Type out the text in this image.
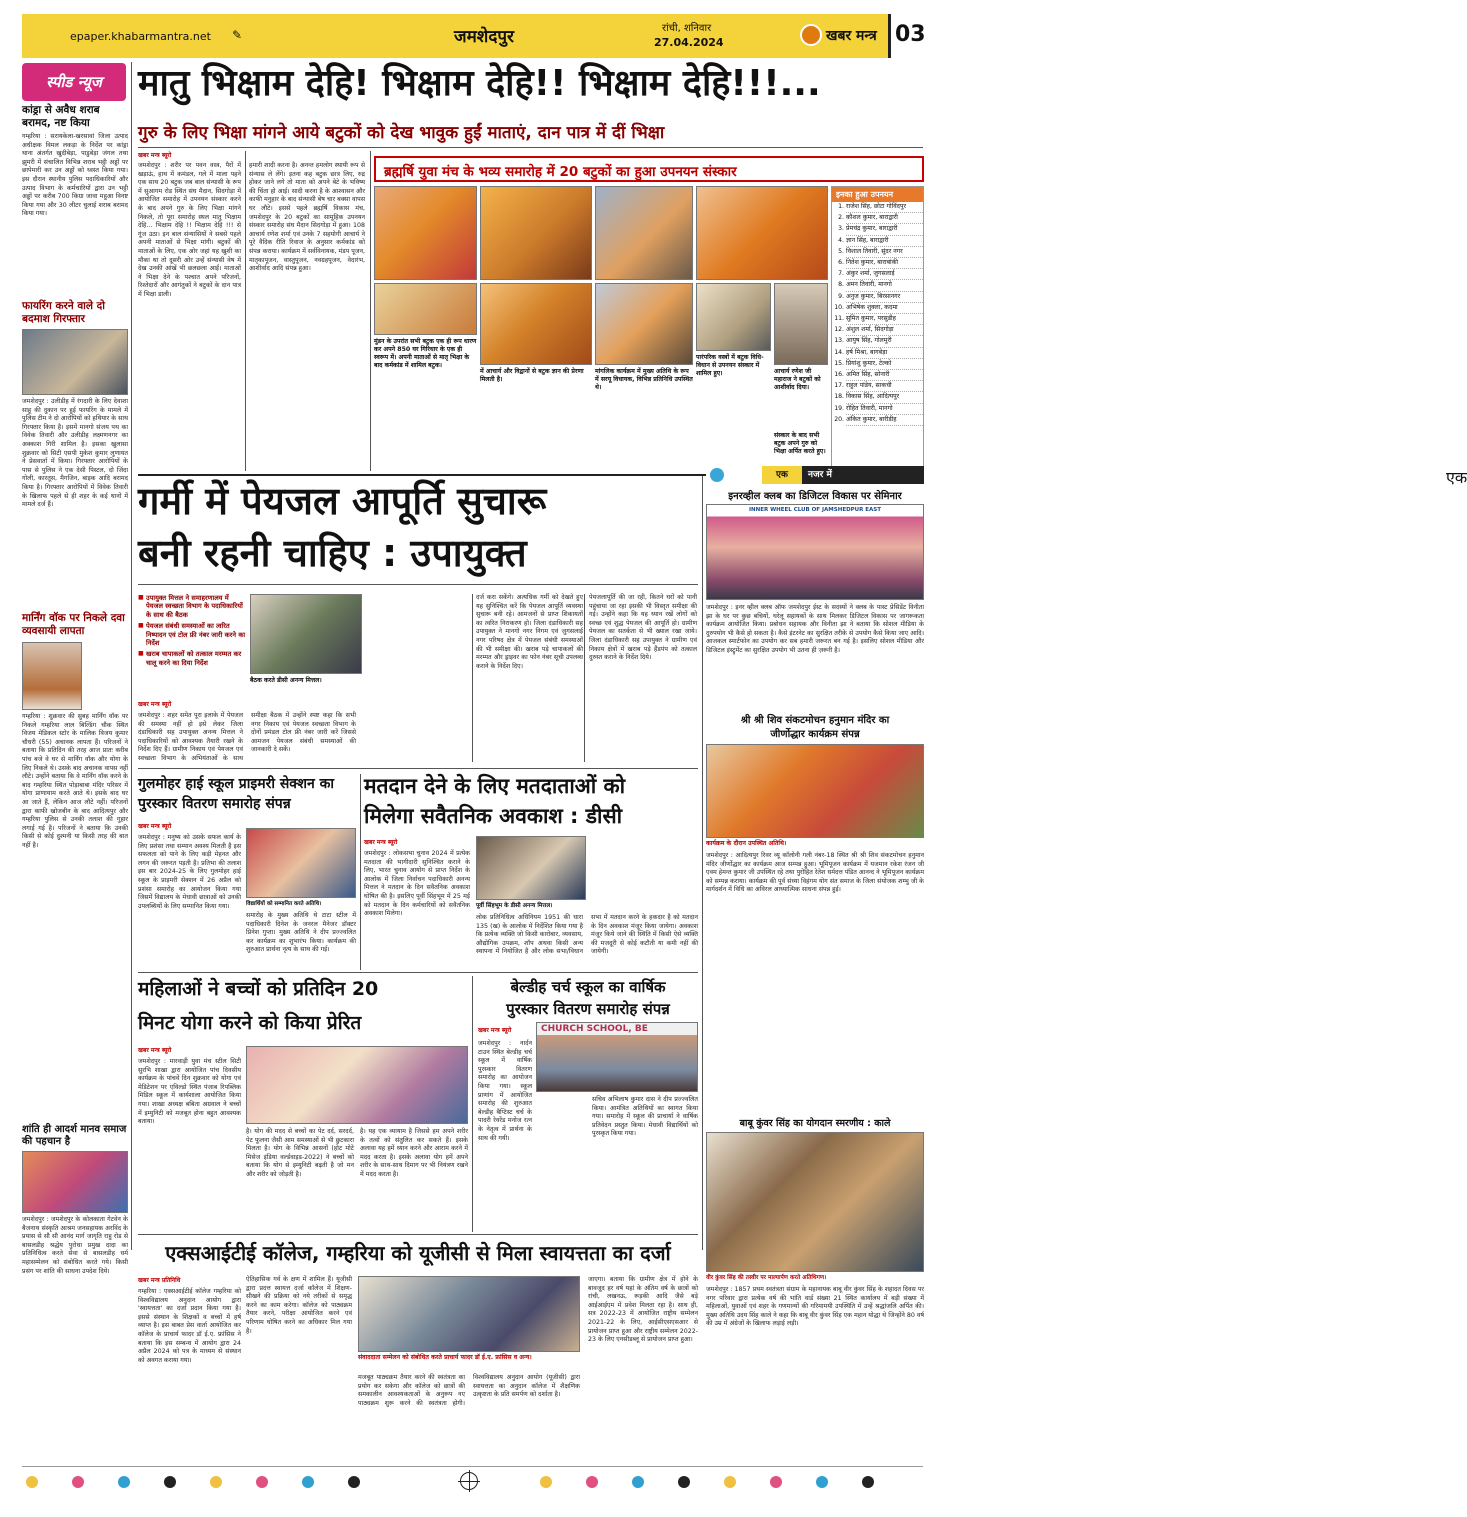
epaper.khabarmantra.net ✎	जमशेदपुर	रांची, शनिवार
27.04.2024	खबर मन्त्र 03
स्पीड न्यूज
कांड्रा से अवैध शराब बरामद, नष्ट किया
गम्हरिया : सरायकेला-खरसावां जिला उत्पाद अधीक्षक विमल लकड़ा के निर्देश पर कांड्रा थाना अंतर्गत खुदीबेड़ा, पाडुबेड़ा जंगल तथा झुमरी में संचालित विभिन्न शराब भट्ठी अड्डों पर छापेमारी कर उन अड्डों को ध्वस्त किया गया। इस दौरान स्थानीय पुलिस पदाधिकारियों और उत्पाद विभाग के कर्मचारियों द्वारा उन भट्ठी अड्डों पर करीब 700 किग्रा जावा महुआ विनष्ट किया गया और 30 लीटर चुलाई शराब बरामद किया गया।
फायरिंग करने वाले दो बदमाश गिरफ्तार
जमशेदपुर : उलीडीह में रंगदारी के लिए देवाशा साहू की दुकान पर हुई फायरिंग के मामले में पुलिस टीम ने दो आरोपियों को हथियार के साथ गिरफ्तार किया है। इसमें मानगो संजय पथ का विवेक तिवारी और उलीडीह लक्ष्मणनगर का अक्काश गिरी शामिल है। इसका खुलासा शुक्रवार को सिटी एसपी मुकेश कुमार लुणायत ने प्रेसवार्ता में किया। गिरफ्तार आरोपियों के पास से पुलिस ने एक देसी पिस्टल, दो जिंदा गोली, कारतूस, मैगजिन, बाइक आदि बरामद किया है। गिरफ्तार आरोपियों में विवेक तिवारी के खिलाफ पहले से ही शहर के कई थानों में मामले दर्ज हैं।
मार्निंग वॉक पर निकले दवा व्यवसायी लापता
गम्हरिया : शुक्रवार की सुबह मार्निंग वॉक पर निकले गम्हरिया लाल बिल्डिंग चौक स्थित विजय मेडिकल स्टोर के मालिक विजय कुमार चौधरी (55) अचानक लापता हैं। परिजनों ने बताया कि प्रतिदिन की तरह आज प्रातः करीब पांच बजे वे घर से मार्निंग वॉक और योगा के लिए निकले थे। उसके बाद अचानक वापस नहीं लौटे। उन्होंने बताया कि वे मार्निंग वॉक करने के बाद गम्हरिया स्थित पोड़ाबाबा मंदिर परिसर में योगा प्राणायाम करते आते थे। इसके बाद घर आ जाते हैं, लेकिन आज लौटे नहीं। परिजनों द्वारा काफी खोजबीन के बाद आदित्यपुर और गम्हरिया पुलिस से उनकी तलाश की गुहार लगाई गई है। परिजनों ने बताया कि उनकी किसी से कोई दुश्मनी या किसी तरह की बात नहीं है।
शांति ही आदर्श मानव समाज की पहचान है
जमशेदपुर : जमशेदपुर के कोलकाता गेटवेन के बैजनाथ संस्कृति आश्रम जनसहायक अरविंद के प्रयास से सौ सौ आनंद मार्ग जागृति राहु रोड से बासलडीह श्रद्धेय पुरोधा प्रमुख दादा का प्रतिनिधित्व करते सेवा से बासलडीह धर्म महासम्मेलन को संबोधित करते गये। किसी प्रसंग पर शांति की साधना उपदेश दिये।
मातु भिक्षाम देहि! भिक्षाम देहि!! भिक्षाम देहि!!!...
गुरु के लिए भिक्षा मांगने आये बटुकों को देख भावुक हुईं माताएं, दान पात्र में दीं भिक्षा
खबर मन्त्र ब्यूरो
जमशेदपुर : शरीर पर पवन वस्त्र, पैरों में खड़ाऊं, हाथ में कमंडल, गले में माला पहने एक साथ 20 बटुक जब बाल संन्यासी के रूप में सुआगम रोड स्थित संघ मैदान, सिदगोड़ा में आयोजित समारोह में उपनयन संस्कार करने के बाद अपने गुरु के लिए भिक्षा मांगने निकले, तो पूरा समारोह स्थल मातु भिक्षाम देहि... भिक्षाम देहि !! भिक्षाम देहि !!! से गूंज उठा। इन बाल संन्यासियों ने सबसे पहले अपनी माताओं से भिक्षा मांगी। बटुकों की माताओं के लिए, एक ओर जहां यह खुशी का मौका था तो दूसरी ओर उन्हें संन्यासी वेष में देख उनकी आंखें भी छलछला आईं। माताओं ने भिक्षा देने के पश्चात अपने परिजनों, रिश्तेदारों और आगंतुकों ने बटुकों के दान पात्र में भिक्षा डाली।
हमारी शादी करना है। अनन्त हमलोग स्थायी रूप से संन्यास ले लेंगे। इतना कह बटुक छात्र लिए, रुद्र होकर जाने लगे तो माता को अपने बेटे के भविष्य की चिंता हो आई। सादी करना है के आश्वासन और काफी मनुहार के बाद संन्यासी बेष चार बक्सा वापस घर लौटे। इससे पहले ब्रह्मर्षि विकास मंच, जमशेदपुर के 20 बटुकों का सामूहिक उपनयन संस्कार समारोह संघ मैदान सिदगोड़ा में हुआ। 108 आचार्य रणेश शर्मा एवं उनके 7 सहयोगी आचार्य ने पूरे वैदिक रीति रिवाज के अनुसार कर्मकांड को संपन्न कराया। कार्यक्रम में सर्वविनायक, मंडप पूजन, मातृकापूजन, वास्तुपूजन, नवग्रहपूजन, वेदारंभ, आशीर्वाद आदि संपन्न हुआ।
ब्रह्मर्षि युवा मंच के भव्य समारोह में 20 बटुकों का हुआ उपनयन संस्कार
मुंडन के उपरांत सभी बटुक एक ही रूप धारण कर अपने 850 घर गिरिधार के एक ही स्वरूप में। अपनी माताओं से मातृ भिक्षा के बाद कर्मकांड में शामिल बटुक।
में आचार्य और विद्वानों से बटुक ज्ञान की प्रेरणा मिलती है।
मांगलिक कार्यक्रम में मुख्य अतिथि के रूप में सरयू विधायक, विभिन्न प्रतिनिधि उपस्थित थे।
पारंपरिक वस्त्रों में बटुक विधि-विधान से उपनयन संस्कार में शामिल हुए।	आचार्य रणेश जी महाराज ने बटुकों को आशीर्वाद दिया।
संस्कार के बाद सभी बटुक अपने गुरु को भिक्षा अर्पित करते हुए।
इनका हुआ उपनयन
1. राजेश सिंह, छोटा गोविंदपुर
2. कौशल कुमार, बाराद्वारी
3. प्रेमचंद्र कुमार, बाराद्वारी
4. ज्ञान सिंह, बाराद्वारी
5. विशाल तिवारी, सुंदर नगर
6. नितेश कुमार, बाराबांकी
7. अंकुर शर्मा, जुगसलाई
8. अमन तिवारी, मानगो
9. अनुज कुमार, बिरसानगर
10. अभिषेक शुक्ला, कदमा
11. सुमित कुमार, परसुडीह
12. अंशुल शर्मा, सिदगोड़ा
13. आयुष सिंह, गोलमुरी
14. हर्ष मिश्रा, बागबेड़ा
15. प्रियांशु कुमार, टेल्को
16. अमित सिंह, सोनारी
17. राहुल पांडेय, साकची
18. विकास सिंह, आदित्यपुर
19. रोहित तिवारी, मानगो
20. अंकित कुमार, बारीडीह
गर्मी में पेयजल आपूर्ति सुचारू
बनी रहनी चाहिए : उपायुक्त
■ उपायुक्त मित्तल ने समाहरणालय में पेयजल स्वच्छता विभाग के पदाधिकारियों के साथ की बैठक
■ पेयजल संबंधी समस्याओं का त्वरित निष्पादन एवं टोल फ्री नंबर जारी करने का निर्देश
■ खराब चापाकलों को तत्काल मरम्मत कर चालू करने का दिया निर्देश
बैठक करते डीसी अनन्य मित्तल।
खबर मन्त्र ब्यूरो
जमशेदपुर : शहर समेत पूरा इलाके में पेयजल की समस्या नहीं हो इसे लेकर जिला दंडाधिकारी सह उपायुक्त अनन्य मित्तल ने पदाधिकारियों को आवश्यक तैयारी रखने के निर्देश दिए हैं। ग्रामीण निकाय एवं पेयजल एवं स्वच्छता विभाग के अभियंताओं के साथ समीक्षा बैठक में उन्होंने स्पष्ट कहा कि सभी नगर निकाय एवं पेयजल स्वच्छता विभाग के दोनों प्रमंडल टोल फ्री नंबर जारी करें जिससे आमजन पेयजल संबंधी समस्याओं की जानकारी दे सकें।
दर्ज करा सकेंगे। अत्यधिक गर्मी को देखते हुए यह सुनिश्चित करें कि पेयजल आपूर्ति व्यवस्था सुचारू बनी रहे। आमजनों से प्राप्त शिकायतों का त्वरित निराकरण हो। जिला दंडाधिकारी सह उपायुक्त ने मानगो नगर निगम एवं जुगसलाई नगर परिषद क्षेत्र में पेयजल संबंधी समस्याओं की भी समीक्षा की। खराब पड़े चापाकलों की मरम्मत और ड्राइवर का फोन नंबर सूची उपलब्ध कराने के निर्देश दिए।
पेयजलापूर्ति की जा रही, कितने घरों को पानी पहुंचाया जा रहा इसकी भी विस्तृत समीक्षा की गई। उन्होंने कहा कि यह ध्यान रखें लोगों को स्वच्छ एवं शुद्ध पेयजल की आपूर्ति हो। ग्रामीण पेयजल का सतर्कता से भी ख्याल रखा जाये। जिला दंडाधिकारी सह उपायुक्त ने ग्रामीण एवं निकाय क्षेत्रों में खराब पड़े हैंडपंप को तत्काल दुरुस्त कराने के निर्देश दिये।
गुलमोहर हाई स्कूल प्राइमरी सेक्शन का पुरस्कार वितरण समारोह संपन्न
खबर मन्त्र ब्यूरो
जमशेदपुर : मनुष्य को उसके सफल कार्य के लिए प्रशंसा तथा सम्मान अवश्य मिलती है इस सफलता को पाने के लिए कड़ी मेहनत और लगन की जरूरत पड़ती है। प्रतिभा की तलाश इस बार 2024-25 के लिए गुलमोहर हाई स्कूल के प्राइमरी सेक्शन में 26 अप्रैल को प्रशंसा समारोह का आयोजन किया गया जिसमें विद्यालय के मेधावी छात्राओं को उनकी उपलब्धियों के लिए सम्मानित किया गया।	विद्यार्थियों को सम्मानित करते अतिथि।
समारोह के मुख्य अतिथि थे टाटा स्टील में पदाधिकारी दिनेश के जनरल मैनेजर डॉक्टर प्रिनेश गुप्ता। मुख्य अतिथि ने दीप प्रज्ज्वलित कर कार्यक्रम का शुभारंभ किया। कार्यक्रम की शुरुआत प्रार्थना नृत्य के साथ की गई।
मतदान देने के लिए मतदाताओं को
मिलेगा सवैतनिक अवकाश : डीसी
खबर मन्त्र ब्यूरो
जमशेदपुर : लोकसभा चुनाव 2024 में प्रत्येक मतदाता की भागीदारी सुनिश्चित कराने के लिए, भारत चुनाव आयोग से प्राप्त निर्देश के आलोक में जिला निर्वाचन पदाधिकारी अनन्य मित्तल ने मतदान के दिन सवैतनिक अवकाश घोषित की है। इसलिए पूर्वी सिंहभूम में 25 मई को मतदान के दिन कर्मचारियों को सवैतनिक अवकाश मिलेगा।
पूर्वी सिंहभूम के डीसी अनन्य मित्तल।
लोक प्रतिनिधित्व अधिनियम 1951 की धारा 135 (ख) के आलोक में निर्देशित किया गया है कि प्रत्येक व्यक्ति जो किसी कारोबार, व्यवसाय, औद्योगिक उपक्रम, शॉप अथवा किसी अन्य स्थापना में नियोजित है और लोक सभा/विधान सभा में मतदान करने के हकदार है को मतदान के दिन अवकाश मंजूर किया जायेगा। अवकाश मंजूर किये जाने की स्थिति में किसी ऐसे व्यक्ति की मजदूरी से कोई कटौती या कमी नहीं की जायेगी।
महिलाओं ने बच्चों को प्रतिदिन 20
मिनट योगा करने को किया प्रेरित
खबर मन्त्र ब्यूरो
जमशेदपुर : मारवाड़ी युवा मंच स्टील सिटी सुरभि शाखा द्वारा आयोजित पांच दिवसीय कार्यक्रम के पांचवें दिन शुक्रवार को योगा एवं मेडिटेशन पर एविल्डो स्थित पंजाब रिपब्लिक मिडिल स्कूल में कार्यशाला आयोजित किया गया। शाखा अध्यक्ष बबिता अग्रवाल ने बच्चों में इम्युनिटी को मजबूत होना बहुत आवश्यक बताया।
है। योग की मदद से बच्चों का पेट दर्द, सरदर्द, पेट फूलना जैसी आम समस्याओं से भी छुटकारा मिलता है। योग के विभिन्न आसनों (होट मोटे मिसेज इंडिया वर्ल्डवाइड-2022) ने बच्चों को बताया कि योग से इम्युनिटी बढ़ती है जो मन और शरीर को जोड़ती है।
है। यह एक व्यायाम है जिससे हम अपने शरीर के तत्वों को संतुलित कर सकते हैं। इसके अलावा यह हमें ध्यान करने और आराम करने में मदद करता है। इसके अलावा योग हमें अपने शरीर के साथ-साथ दिमाग पर भी नियंत्रण रखने में मदद करता है।
बेल्डीह चर्च स्कूल का वार्षिक
पुरस्कार वितरण समारोह संपन्न
खबर मन्त्र ब्यूरो	CHURCH SCHOOL, BE
जमशेदपुर : नार्दन टाउन स्थित बेल्डीह चर्च स्कूल में वार्षिक पुरस्कार वितरण समारोह का आयोजन किया गया। स्कूल प्राणांग में आयोजित समारोह की शुरुआत बेल्डीह बैप्टिस्ट चर्च के पादरी रेवरेंड मनोज रत्न के नेतृत्व में प्रार्थना के साथ की गयी।
सचिव अभिलाष कुमार दास ने दीप प्रज्ज्वलित किया। आमंत्रित अतिथियों का स्वागत किया गया। समारोह में स्कूल की प्राचार्या ने वार्षिक प्रतिवेदन प्रस्तुत किया। मेधावी विद्यार्थियों को पुरस्कृत किया गया।
एक्सआईटीई कॉलेज, गम्हरिया को यूजीसी से मिला स्वायत्तता का दर्जा
खबर मन्त्र प्रतिनिधि
गम्हरिया : एक्सआईटीई कॉलेज गम्हरिया को विश्वविद्यालय अनुदान आयोग द्वारा 'स्वायत्तता' का दर्जा प्रदान किया गया है। इससे संस्थान के शिक्षकों व बच्चों में हर्ष व्याप्त है। इस बाबत प्रेस वार्ता आयोजित कर कॉलेज के प्राचार्य फादर डॉ ई.ए. फ्रांसिस ने बताया कि इस सम्बन्ध में आयोग द्वारा 24 अप्रैल 2024 को पत्र के माध्यम से संस्थान को अवगत कराया गया।
ऐतिहासिक गर्व के क्षण में शामिल हैं। यूजीसी द्वारा प्रदत्त स्वायत्त दर्जा कॉलेज में शिक्षण-सीखने की प्रक्रिया को नये तरीकों से समृद्ध करने का काम करेगा। कॉलेज को पाठ्यक्रम तैयार करने, परीक्षा आयोजित करने एवं परिणाम घोषित करने का अधिकार मिल गया है।
संवाददाता सम्मेलन को संबोधित करते प्राचार्य फादर डॉ ई.ए. फ्रांसिस व अन्य।
मजबूत पाठ्यक्रम तैयार करने की स्वतंत्रता का प्रयोग कर सकेगा और कॉलेज को छात्रों की समकालीन आवश्यकताओं के अनुरूप नए पाठ्यक्रम शुरू करने की स्वतंत्रता होगी। विश्वविद्यालय अनुदान आयोग (यूजीसी) द्वारा स्वायत्तता का अनुदान कॉलेज में शैक्षणिक उत्कृष्टता के प्रति समर्पण को दर्शाता है।
जाएगा। बताया कि ग्रामीण क्षेत्र में होने के बावजूद हर वर्ष यहां के अंतिम वर्ष के छात्रों को रांची, लखनऊ, रूड़की आदि जैसे बड़े आईआईएम में प्रवेश मिलता रहा है। साथ ही, सत्र 2022-23 में आयोजित राष्ट्रीय सम्मेलन 2021-22 के लिए, आईसीएसएसआर से प्रायोजन प्राप्त हुआ और राष्ट्रीय सम्मेलन 2022-23 के लिए एनसीडब्लू से प्रायोजन प्राप्त हुआ।
एक
एक	नजर में
इनरव्हील क्लब का डिजिटल विकास पर सेमिनार
INNER WHEEL CLUB OF JAMSHEDPUR EAST
जमशेदपुर : इनर व्हील क्लब ऑफ जमशेदपुर ईस्ट के सदस्यों ने क्लब के पास्ट प्रेसिडेंट विनीता झा के घर पर कुछ बचियों, घरेलू सहायकों के साथ मिलकर डिजिटल विकास पर जागरूकता कार्यक्रम आयोजित किया। प्रबोधन सहायक और विनीता झा ने बताया कि सोशल मीडिया के दुरुपयोग भी कैसे हो सकता है। कैसे इंटरनेट का सुरक्षित तरीके से उपयोग कैसे किया जाए आदि। आजकल स्मार्टफोन का उपयोग कर सब हमारी जरूरत बन गई है। इसलिए सोशल मीडिया और डिजिटल इंस्ट्रुमेंट का सुरक्षित उपयोग भी उतना ही ज़रूरी है।
श्री श्री शिव संकटमोचन हनुमान मंदिर का
जीर्णोद्धार कार्यक्रम संपन्न
कार्यक्रम के दौरान उपस्थित अतिथि।
जमशेदपुर : आदित्यपुर रिवर व्यू कॉलोनी गली नंबर-18 स्थित श्री श्री शिव संकटमोचन हनुमान मंदिर जीर्णोद्धार का कार्यक्रम आज सम्पन्न हुआ। भूमिपूजन कार्यक्रम में यजमान रकेश रंजन जी एवम हेमन्त कुमार जी उपस्थित रहे तथा पुरोहित रेतेश धर्मदत्त पंडित आनन्द ने भूमिपूजन कार्यक्रम को सम्पन्न कराया। कार्यक्रम की पूर्व संध्या विहंगम योग संत समाज के जिला संयोजक शम्भु जी के मार्गदर्शन में विधि का अविरल आध्यात्मिक साधना संपन्न हुई।
बाबू कुंवर सिंह का योगदान स्मरणीय : काले
वीर कुंवर सिंह की तस्वीर पर माल्यार्पण करते अतिथिगण।
जमशेदपुर : 1857 प्रथम स्वतंत्रता संग्राम के महानायक बाबू वीर कुंवर सिंह के शहादत दिवस पर नगर परिवार द्वारा प्रत्येक वर्ष की भांति वार्ड संख्या 21 स्थित कार्यालय में बड़ी संख्या में महिलाओं, युवाओं एवं शहर के गणमान्यों की गरिमामयी उपस्थिति में उन्हें श्रद्धांजलि अर्पित की। मुख्य अतिथि उदय सिंह काले ने कहा कि बाबू वीर कुंवर सिंह एक महान योद्धा थे जिन्होंने 80 वर्ष की उम्र में अंग्रेजों के खिलाफ लड़ाई लड़ी।
